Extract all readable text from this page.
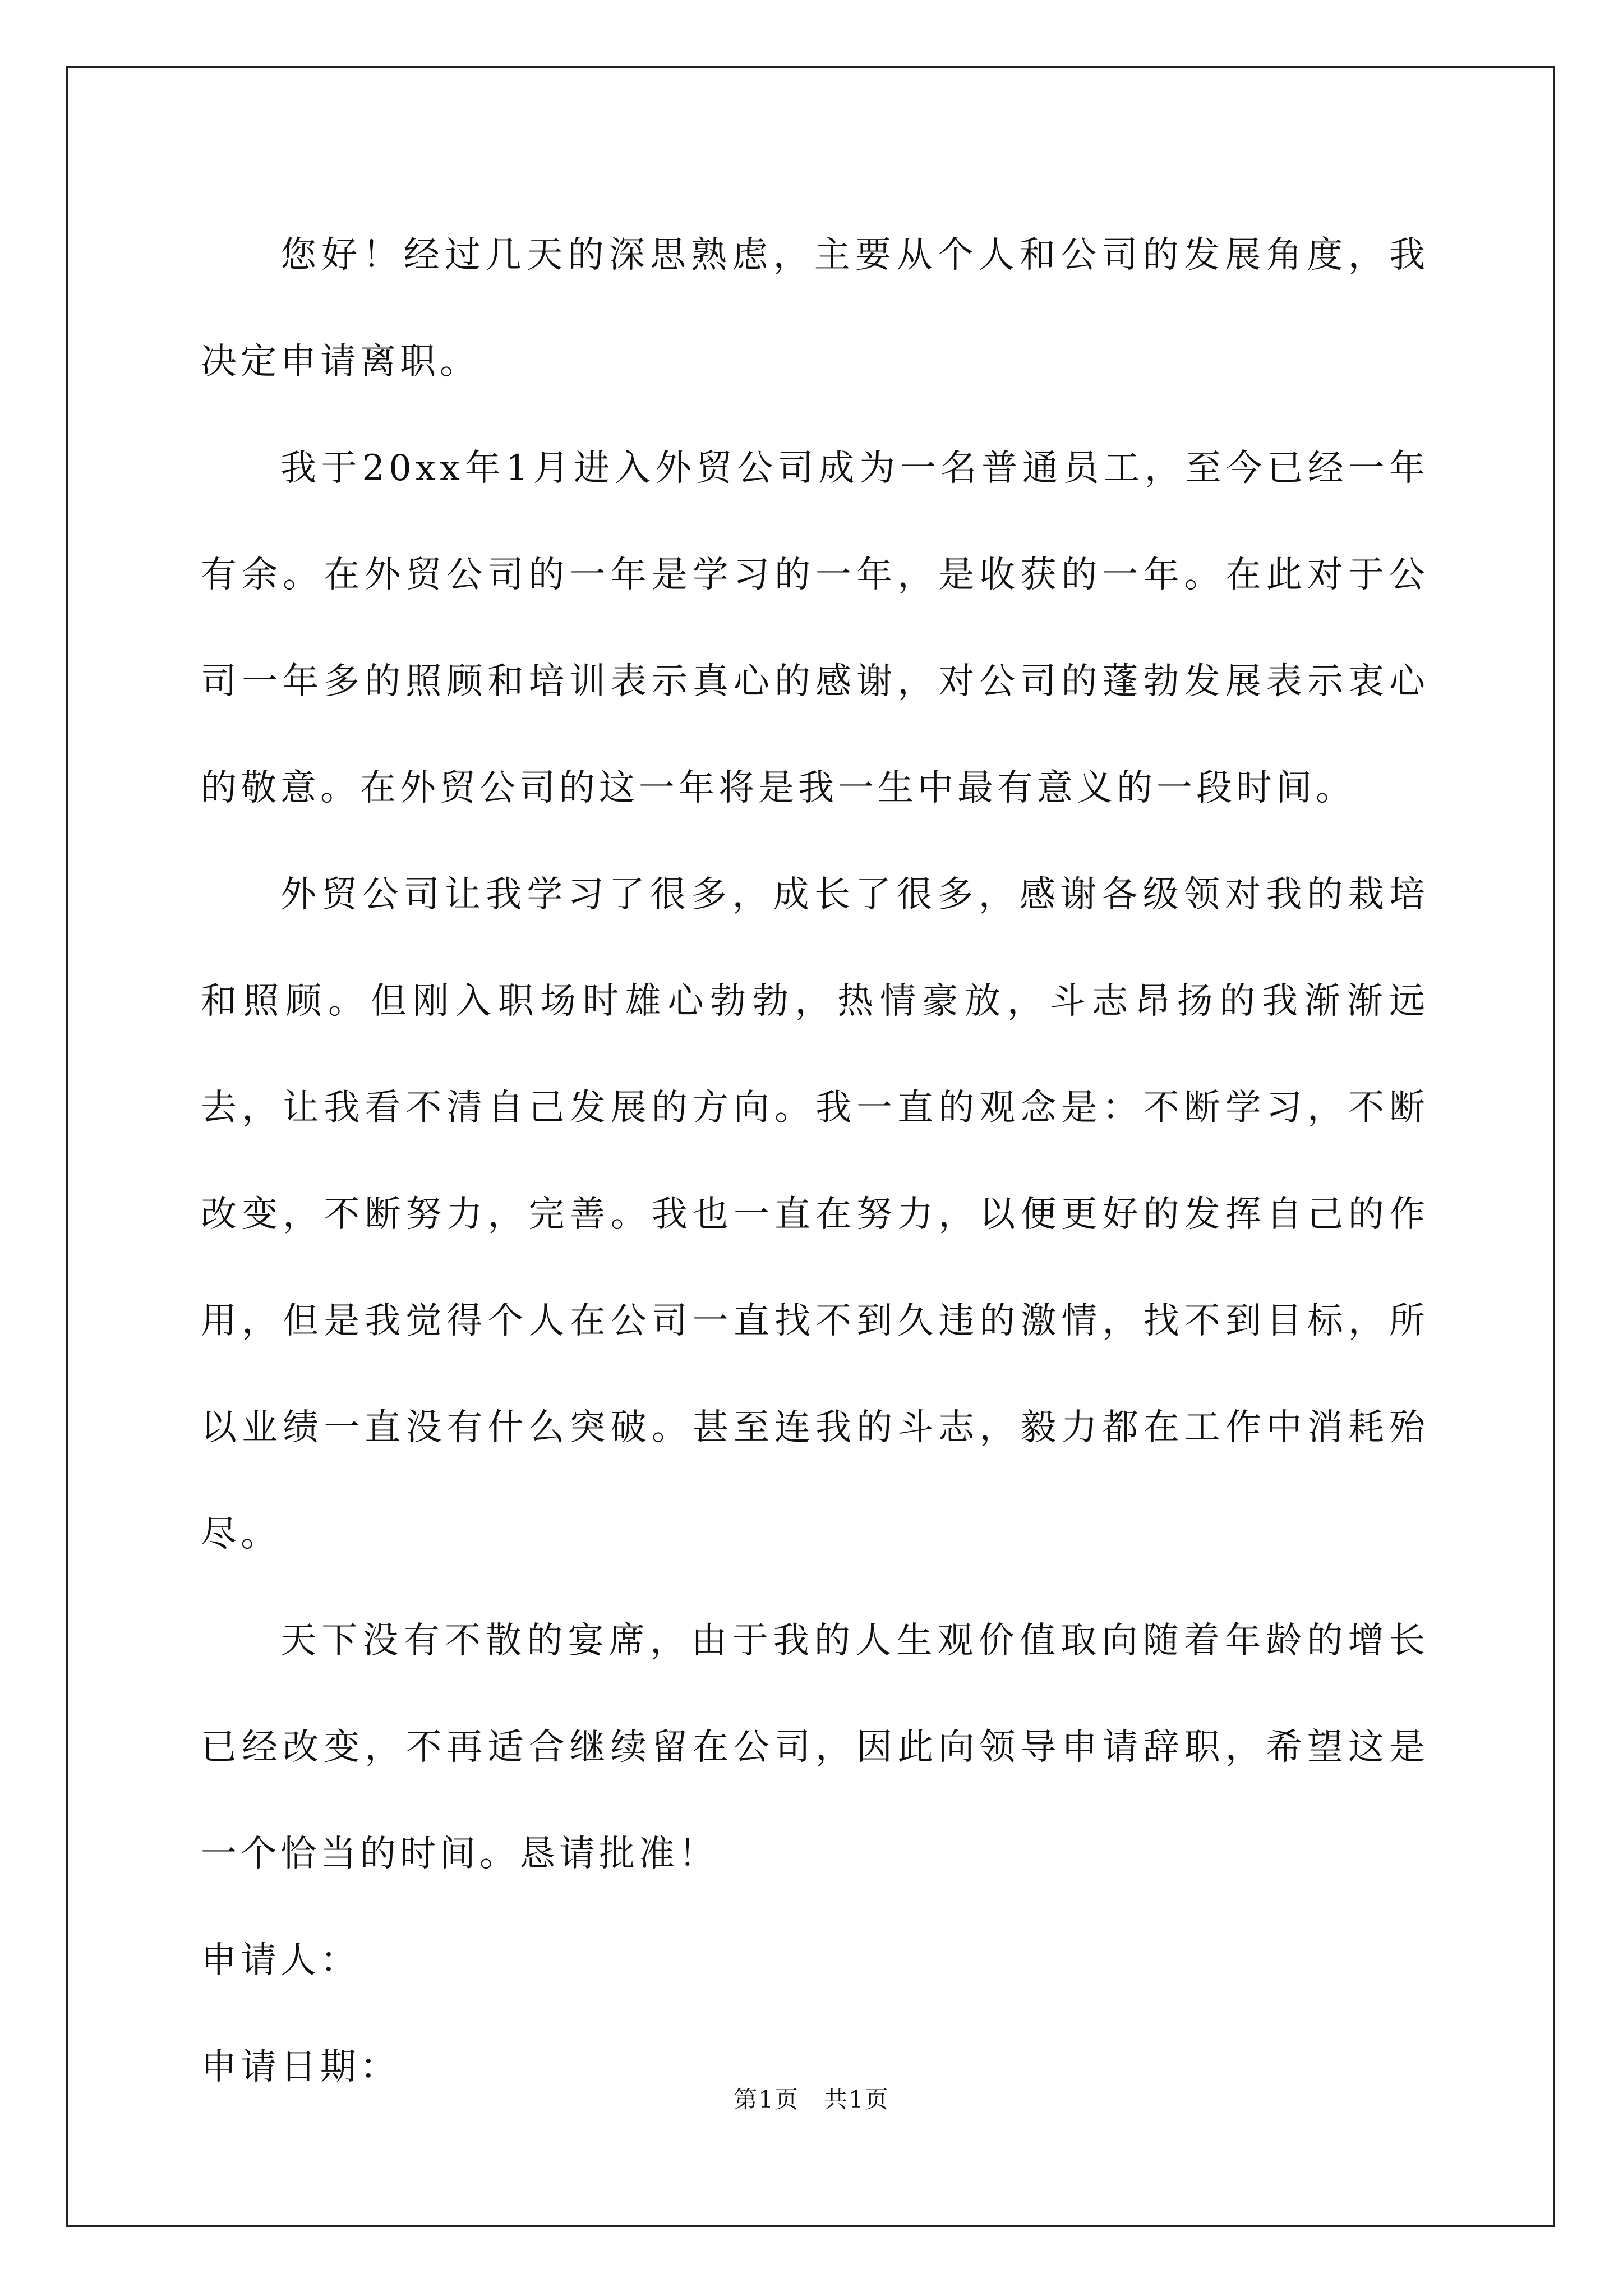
您好！经过几天的深思熟虑，主要从个人和公司的发展角度，我决定申请离职。

我于20xx年1月进入外贸公司成为一名普通员工，至今已经一年有余。在外贸公司的一年是学习的一年，是收获的一年。在此对于公司一年多的照顾和培训表示真心的感谢，对公司的蓬勃发展表示衷心的敬意。在外贸公司的这一年将是我一生中最有意义的一段时间。

外贸公司让我学习了很多，成长了很多，感谢各级领对我的栽培和照顾。但刚入职场时雄心勃勃，热情豪放，斗志昂扬的我渐渐远去，让我看不清自己发展的方向。我一直的观念是：不断学习，不断改变，不断努力，完善。我也一直在努力，以便更好的发挥自己的作用，但是我觉得个人在公司一直找不到久违的激情，找不到目标，所以业绩一直没有什么突破。甚至连我的斗志，毅力都在工作中消耗殆尽。

天下没有不散的宴席，由于我的人生观价值取向随着年龄的增长已经改变，不再适合继续留在公司，因此向领导申请辞职，希望这是一个恰当的时间。恳请批准！

申请人：

申请日期：

第1页 共1页
